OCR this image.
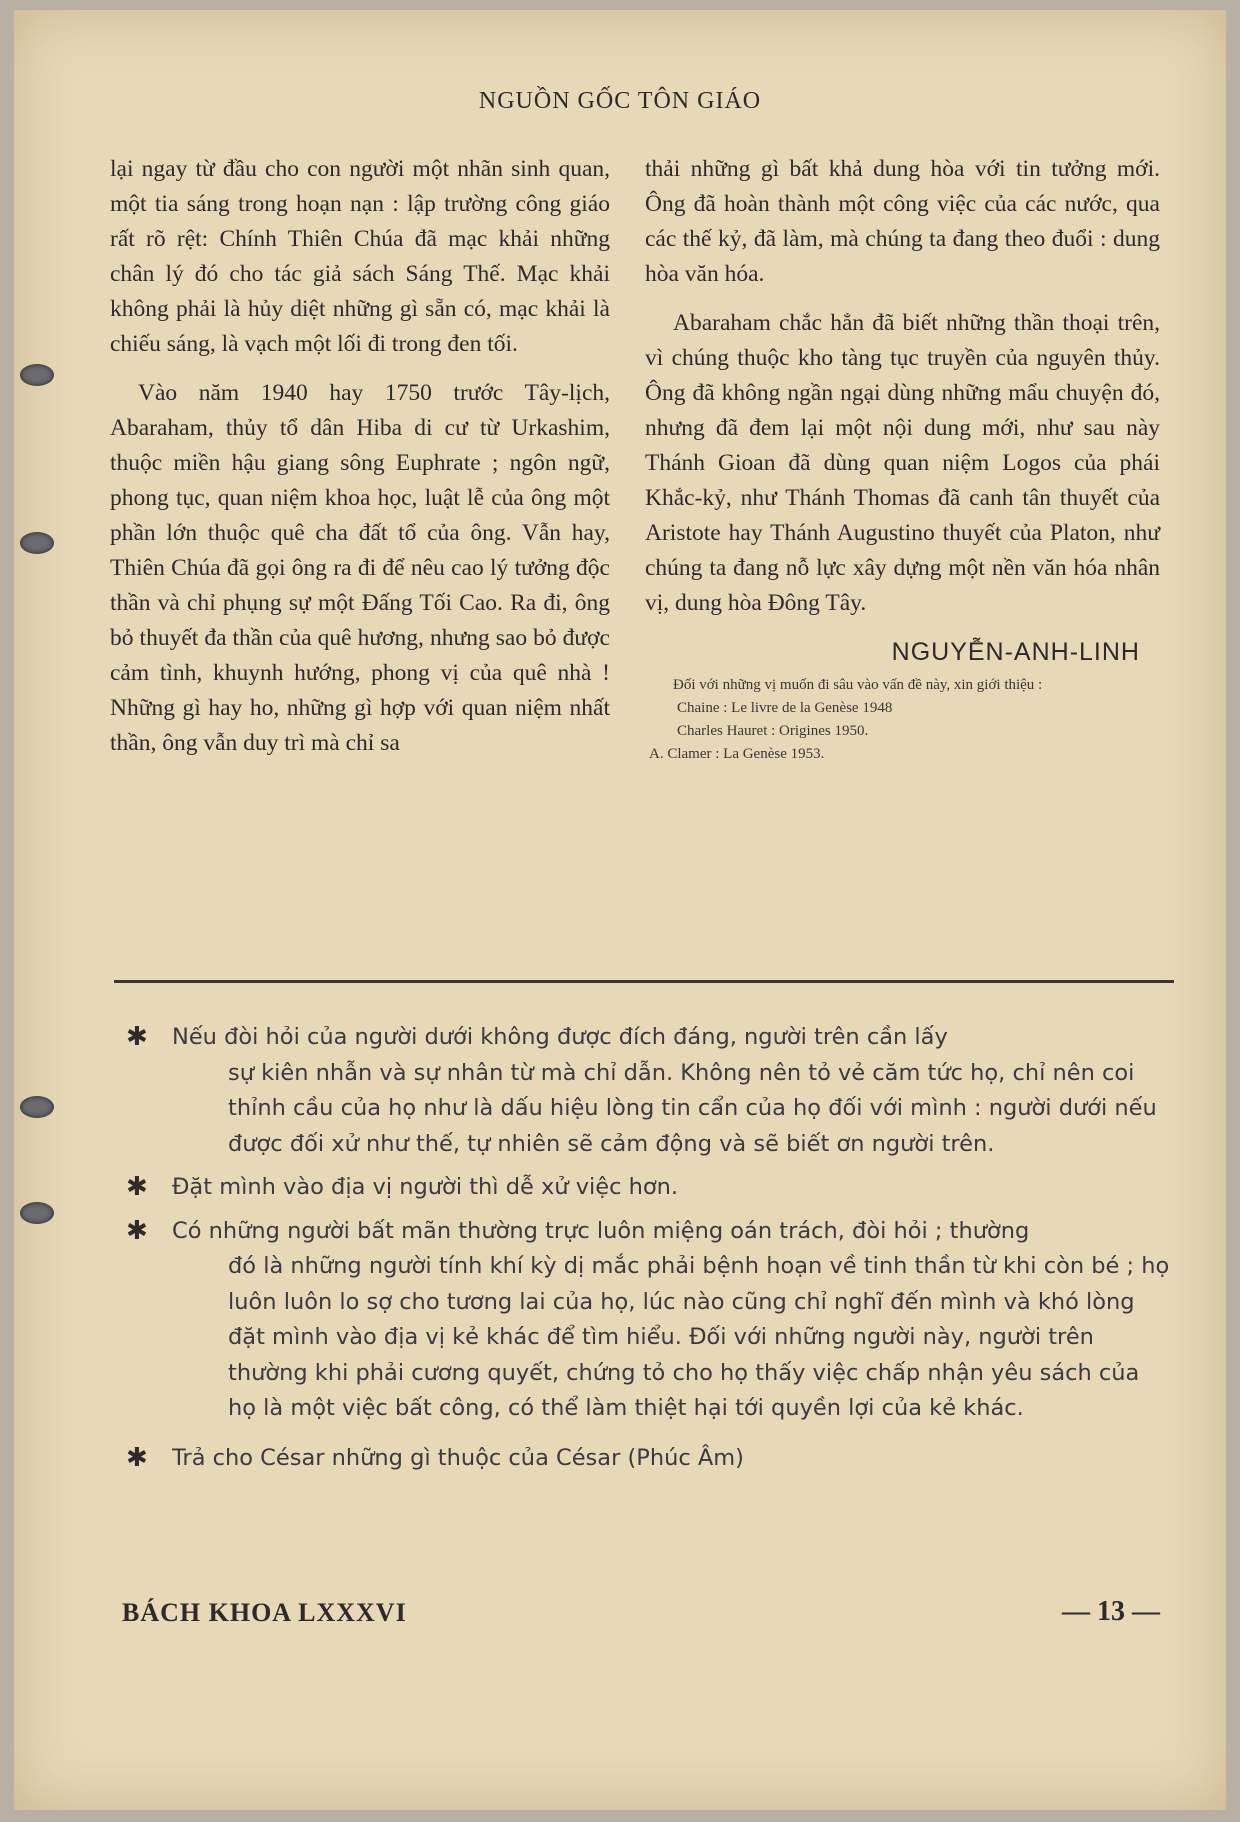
NGUỒN GỐC TÔN GIÁO

lại ngay từ đầu cho con người một nhãn sinh quan, một tia sáng trong hoạn nạn : lập trường công giáo rất rõ rệt: Chính Thiên Chúa đã mạc khải những chân lý đó cho tác giả sách Sáng Thế. Mạc khải không phải là hủy diệt những gì sẵn có, mạc khải là chiếu sáng, là vạch một lối đi trong đen tối.

Vào năm 1940 hay 1750 trước Tây-lịch, Abaraham, thủy tổ dân Hiba di cư từ Urkashim, thuộc miền hậu giang sông Euphrate ; ngôn ngữ, phong tục, quan niệm khoa học, luật lễ của ông một phần lớn thuộc quê cha đất tổ của ông. Vẫn hay, Thiên Chúa đã gọi ông ra đi để nêu cao lý tưởng độc thần và chỉ phụng sự một Đấng Tối Cao. Ra đi, ông bỏ thuyết đa thần của quê hương, nhưng sao bỏ được cảm tình, khuynh hướng, phong vị của quê nhà ! Những gì hay ho, những gì hợp với quan niệm nhất thần, ông vẫn duy trì mà chỉ sa

thải những gì bất khả dung hòa với tin tưởng mới. Ông đã hoàn thành một công việc của các nước, qua các thế kỷ, đã làm, mà chúng ta đang theo đuổi : dung hòa văn hóa.

Abaraham chắc hẳn đã biết những thần thoại trên, vì chúng thuộc kho tàng tục truyền của nguyên thủy. Ông đã không ngần ngại dùng những mẩu chuyện đó, nhưng đã đem lại một nội dung mới, như sau này Thánh Gioan đã dùng quan niệm Logos của phái Khắc-kỷ, như Thánh Thomas đã canh tân thuyết của Aristote hay Thánh Augustino thuyết của Platon, như chúng ta đang nỗ lực xây dựng một nền văn hóa nhân vị, dung hòa Đông Tây.

NGUYỄN-ANH-LINH
Đối với những vị muốn đi sâu vào vấn đề này, xin giới thiệu :
Chaine : Le livre de la Genèse 1948
Charles Hauret : Origines 1950.
A. Clamer : La Genèse 1953.
✱ Nếu đòi hỏi của người dưới không được đích đáng, người trên cần lấy
sự kiên nhẫn và sự nhân từ mà chỉ dẫn. Không nên tỏ vẻ căm tức họ, chỉ nên coi thỉnh cầu của họ như là dấu hiệu lòng tin cẩn của họ đối với mình : người dưới nếu được đối xử như thế, tự nhiên sẽ cảm động và sẽ biết ơn người trên.
✱ Đặt mình vào địa vị người thì dễ xử việc hơn.
✱ Có những người bất mãn thường trực luôn miệng oán trách, đòi hỏi ; thường
đó là những người tính khí kỳ dị mắc phải bệnh hoạn về tinh thần từ khi còn bé ; họ luôn luôn lo sợ cho tương lai của họ, lúc nào cũng chỉ nghĩ đến mình và khó lòng đặt mình vào địa vị kẻ khác để tìm hiểu. Đối với những người này, người trên thường khi phải cương quyết, chứng tỏ cho họ thấy việc chấp nhận yêu sách của họ là một việc bất công, có thể làm thiệt hại tới quyền lợi của kẻ khác.
✱ Trả cho César những gì thuộc của César (Phúc Âm)
BÁCH KHOA LXXXVI	— 13 —
